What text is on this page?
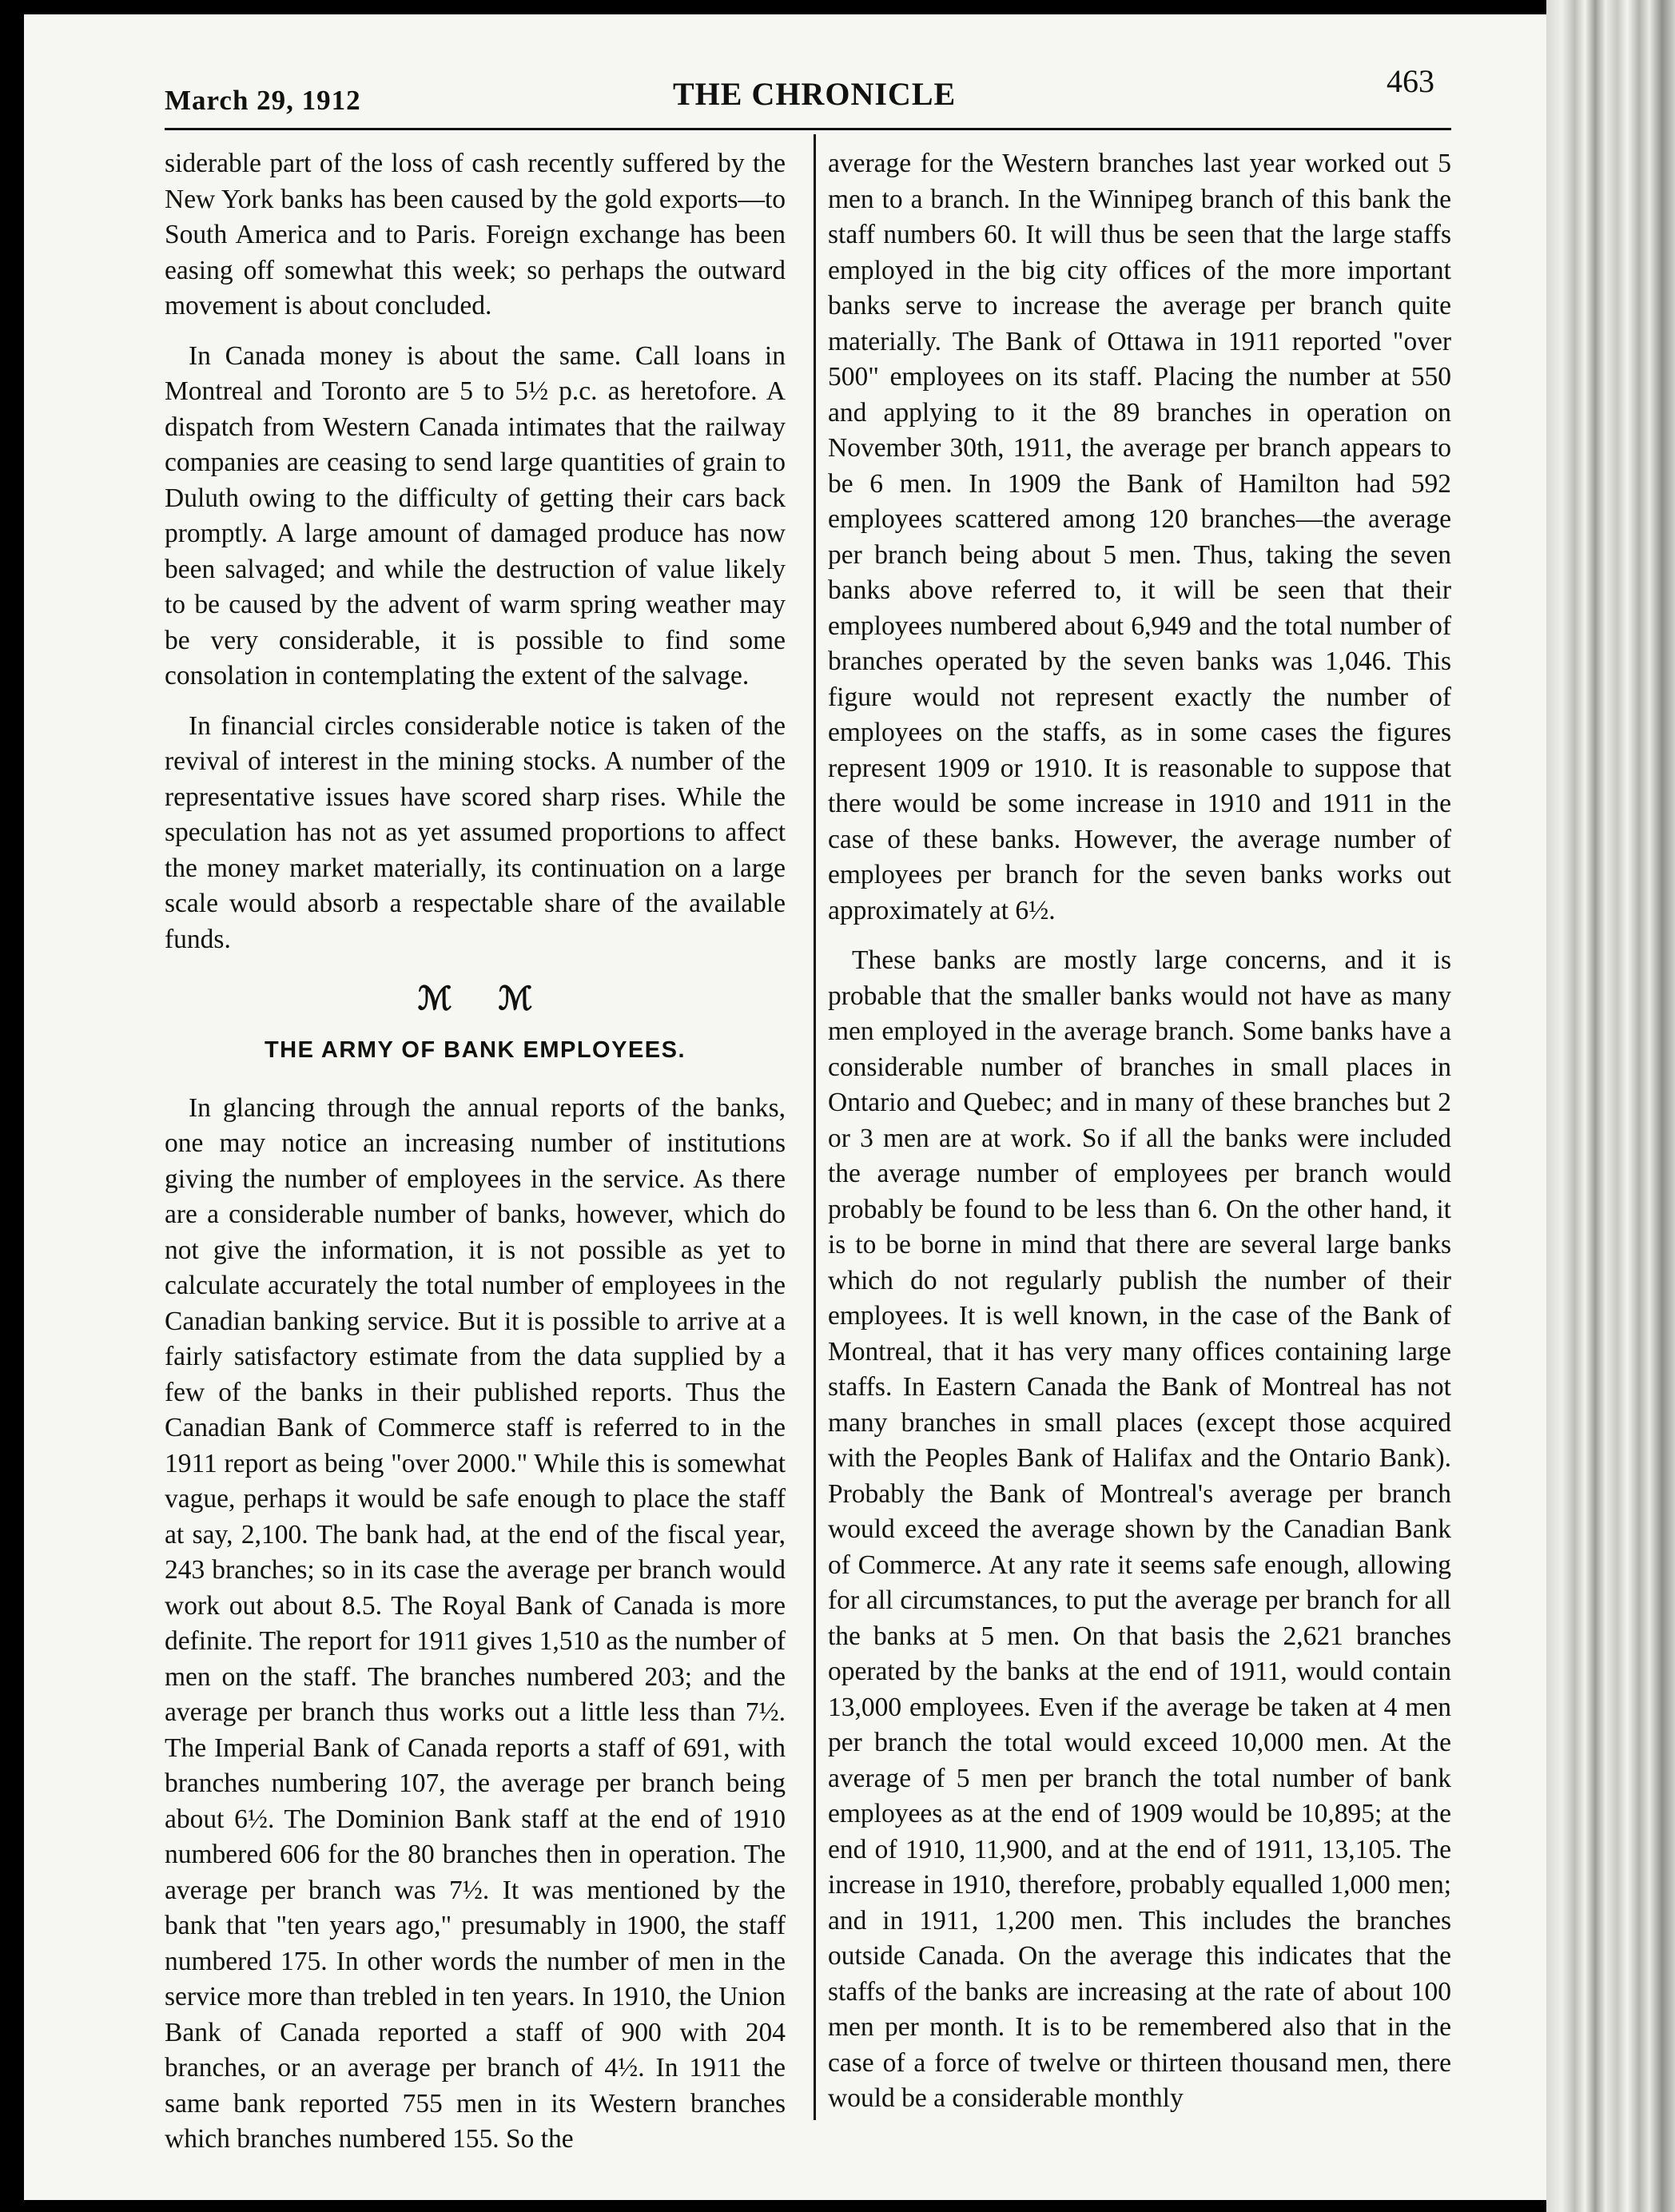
March 29, 1912	THE CHRONICLE	463

siderable part of the loss of cash recently suffered by the New York banks has been caused by the gold exports—to South America and to Paris. Foreign exchange has been easing off somewhat this week; so perhaps the outward movement is about concluded.

In Canada money is about the same. Call loans in Montreal and Toronto are 5 to 5½ p.c. as heretofore. A dispatch from Western Canada intimates that the railway companies are ceasing to send large quantities of grain to Duluth owing to the difficulty of getting their cars back promptly. A large amount of damaged produce has now been salvaged; and while the destruction of value likely to be caused by the advent of warm spring weather may be very considerable, it is possible to find some consolation in contemplating the extent of the salvage.

In financial circles considerable notice is taken of the revival of interest in the mining stocks. A number of the representative issues have scored sharp rises. While the speculation has not as yet assumed proportions to affect the money market materially, its continuation on a large scale would absorb a respectable share of the available funds.

ℳ ℳ
THE ARMY OF BANK EMPLOYEES.

In glancing through the annual reports of the banks, one may notice an increasing number of institutions giving the number of employees in the service. As there are a considerable number of banks, however, which do not give the information, it is not possible as yet to calculate accurately the total number of employees in the Canadian banking service. But it is possible to arrive at a fairly satisfactory estimate from the data supplied by a few of the banks in their published reports. Thus the Canadian Bank of Commerce staff is referred to in the 1911 report as being "over 2000." While this is somewhat vague, perhaps it would be safe enough to place the staff at say, 2,100. The bank had, at the end of the fiscal year, 243 branches; so in its case the average per branch would work out about 8.5. The Royal Bank of Canada is more definite. The report for 1911 gives 1,510 as the number of men on the staff. The branches numbered 203; and the average per branch thus works out a little less than 7½. The Imperial Bank of Canada reports a staff of 691, with branches numbering 107, the average per branch being about 6½. The Dominion Bank staff at the end of 1910 numbered 606 for the 80 branches then in operation. The average per branch was 7½. It was mentioned by the bank that "ten years ago," presumably in 1900, the staff numbered 175. In other words the number of men in the service more than trebled in ten years. In 1910, the Union Bank of Canada reported a staff of 900 with 204 branches, or an average per branch of 4½. In 1911 the same bank reported 755 men in its Western branches which branches numbered 155. So the

average for the Western branches last year worked out 5 men to a branch. In the Winnipeg branch of this bank the staff numbers 60. It will thus be seen that the large staffs employed in the big city offices of the more important banks serve to increase the average per branch quite materially. The Bank of Ottawa in 1911 reported "over 500" employees on its staff. Placing the number at 550 and applying to it the 89 branches in operation on November 30th, 1911, the average per branch appears to be 6 men. In 1909 the Bank of Hamilton had 592 employees scattered among 120 branches—the average per branch being about 5 men. Thus, taking the seven banks above referred to, it will be seen that their employees numbered about 6,949 and the total number of branches operated by the seven banks was 1,046. This figure would not represent exactly the number of employees on the staffs, as in some cases the figures represent 1909 or 1910. It is reasonable to suppose that there would be some increase in 1910 and 1911 in the case of these banks. However, the average number of employees per branch for the seven banks works out approximately at 6½.

These banks are mostly large concerns, and it is probable that the smaller banks would not have as many men employed in the average branch. Some banks have a considerable number of branches in small places in Ontario and Quebec; and in many of these branches but 2 or 3 men are at work. So if all the banks were included the average number of employees per branch would probably be found to be less than 6. On the other hand, it is to be borne in mind that there are several large banks which do not regularly publish the number of their employees. It is well known, in the case of the Bank of Montreal, that it has very many offices containing large staffs. In Eastern Canada the Bank of Montreal has not many branches in small places (except those acquired with the Peoples Bank of Halifax and the Ontario Bank). Probably the Bank of Montreal's average per branch would exceed the average shown by the Canadian Bank of Commerce. At any rate it seems safe enough, allowing for all circumstances, to put the average per branch for all the banks at 5 men. On that basis the 2,621 branches operated by the banks at the end of 1911, would contain 13,000 employees. Even if the average be taken at 4 men per branch the total would exceed 10,000 men. At the average of 5 men per branch the total number of bank employees as at the end of 1909 would be 10,895; at the end of 1910, 11,900, and at the end of 1911, 13,105. The increase in 1910, therefore, probably equalled 1,000 men; and in 1911, 1,200 men. This includes the branches outside Canada. On the average this indicates that the staffs of the banks are increasing at the rate of about 100 men per month. It is to be remembered also that in the case of a force of twelve or thirteen thousand men, there would be a considerable monthly
